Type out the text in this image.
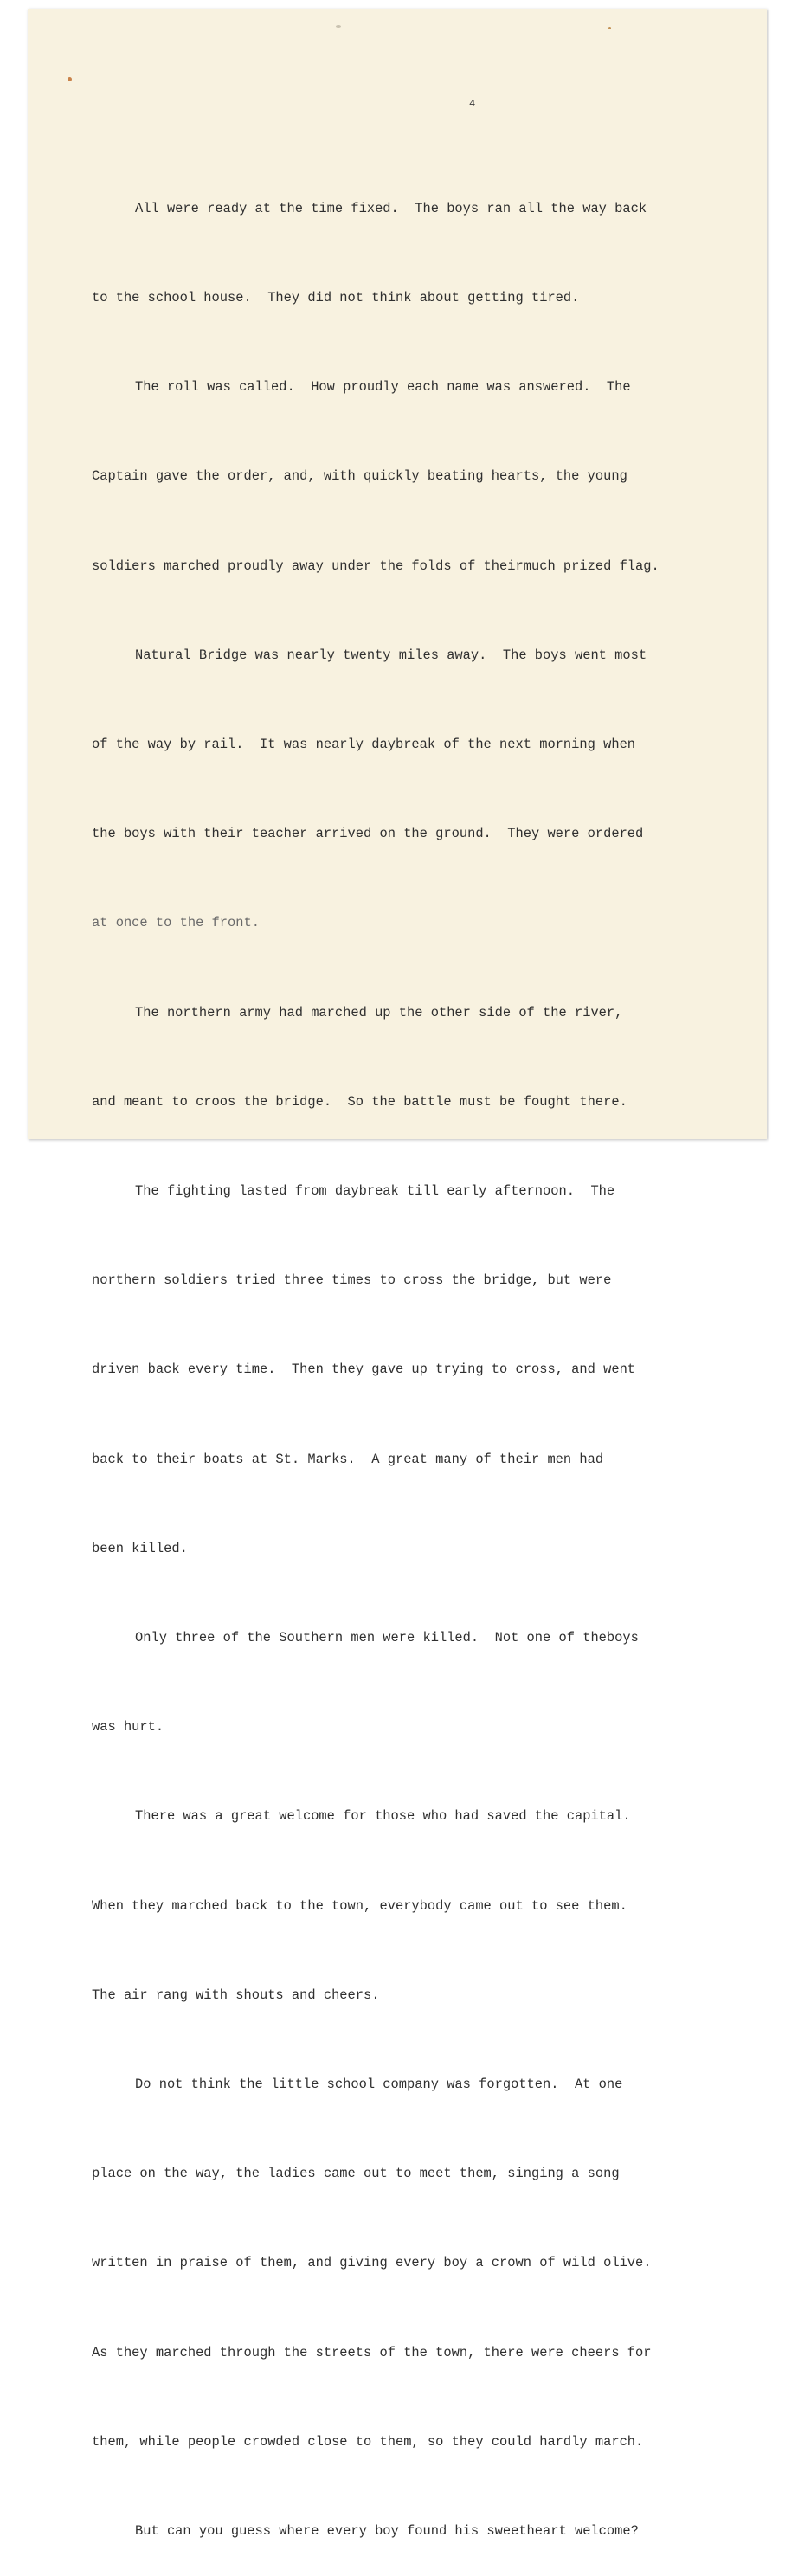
4

All were ready at the time fixed.  The boys ran all the way back

to the school house.  They did not think about getting tired.

The roll was called.  How proudly each name was answered.  The

Captain gave the order, and, with quickly beating hearts, the young

soldiers marched proudly away under the folds of theirmuch prized flag.

Natural Bridge was nearly twenty miles away.  The boys went most

of the way by rail.  It was nearly daybreak of the next morning when

the boys with their teacher arrived on the ground.  They were ordered

at once to the front.

The northern army had marched up the other side of the river,

and meant to croos the bridge.  So the battle must be fought there.

The fighting lasted from daybreak till early afternoon.  The

northern soldiers tried three times to cross the bridge, but were

driven back every time.  Then they gave up trying to cross, and went

back to their boats at St. Marks.  A great many of their men had

been killed.

Only three of the Southern men were killed.  Not one of theboys

was hurt.

There was a great welcome for those who had saved the capital.

When they marched back to the town, everybody came out to see them.

The air rang with shouts and cheers.

Do not think the little school company was forgotten.  At one

place on the way, the ladies came out to meet them, singing a song

written in praise of them, and giving every boy a crown of wild olive.

As they marched through the streets of the town, there were cheers for

them, while people crowded close to them, so they could hardly march.

But can you guess where every boy found his sweetheart welcome?
